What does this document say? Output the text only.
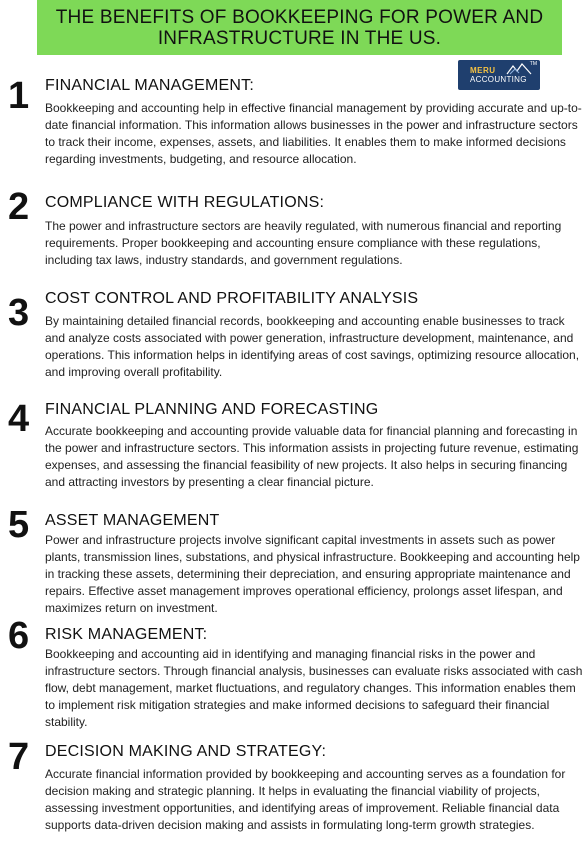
THE BENEFITS OF BOOKKEEPING FOR POWER AND INFRASTRUCTURE IN THE US.
MERU
ACCOUNTING
TM
1 FINANCIAL MANAGEMENT:
Bookkeeping and accounting help in effective financial management by providing accurate and up-to-date financial information. This information allows businesses in the power and infrastructure sectors to track their income, expenses, assets, and liabilities. It enables them to make informed decisions regarding investments, budgeting, and resource allocation.
2 COMPLIANCE WITH REGULATIONS:
The power and infrastructure sectors are heavily regulated, with numerous financial and reporting requirements. Proper bookkeeping and accounting ensure compliance with these regulations, including tax laws, industry standards, and government regulations.
3 COST CONTROL AND PROFITABILITY ANALYSIS
By maintaining detailed financial records, bookkeeping and accounting enable businesses to track and analyze costs associated with power generation, infrastructure development, maintenance, and operations. This information helps in identifying areas of cost savings, optimizing resource allocation, and improving overall profitability.
4 FINANCIAL PLANNING AND FORECASTING
Accurate bookkeeping and accounting provide valuable data for financial planning and forecasting in the power and infrastructure sectors. This information assists in projecting future revenue, estimating expenses, and assessing the financial feasibility of new projects. It also helps in securing financing and attracting investors by presenting a clear financial picture.
5 ASSET MANAGEMENT
Power and infrastructure projects involve significant capital investments in assets such as power plants, transmission lines, substations, and physical infrastructure. Bookkeeping and accounting help in tracking these assets, determining their depreciation, and ensuring appropriate maintenance and repairs. Effective asset management improves operational efficiency, prolongs asset lifespan, and maximizes return on investment.
6 RISK MANAGEMENT:
Bookkeeping and accounting aid in identifying and managing financial risks in the power and infrastructure sectors. Through financial analysis, businesses can evaluate risks associated with cash flow, debt management, market fluctuations, and regulatory changes. This information enables them to implement risk mitigation strategies and make informed decisions to safeguard their financial stability.
7 DECISION MAKING AND STRATEGY:
Accurate financial information provided by bookkeeping and accounting serves as a foundation for decision making and strategic planning. It helps in evaluating the financial viability of projects, assessing investment opportunities, and identifying areas of improvement. Reliable financial data supports data-driven decision making and assists in formulating long-term growth strategies.
